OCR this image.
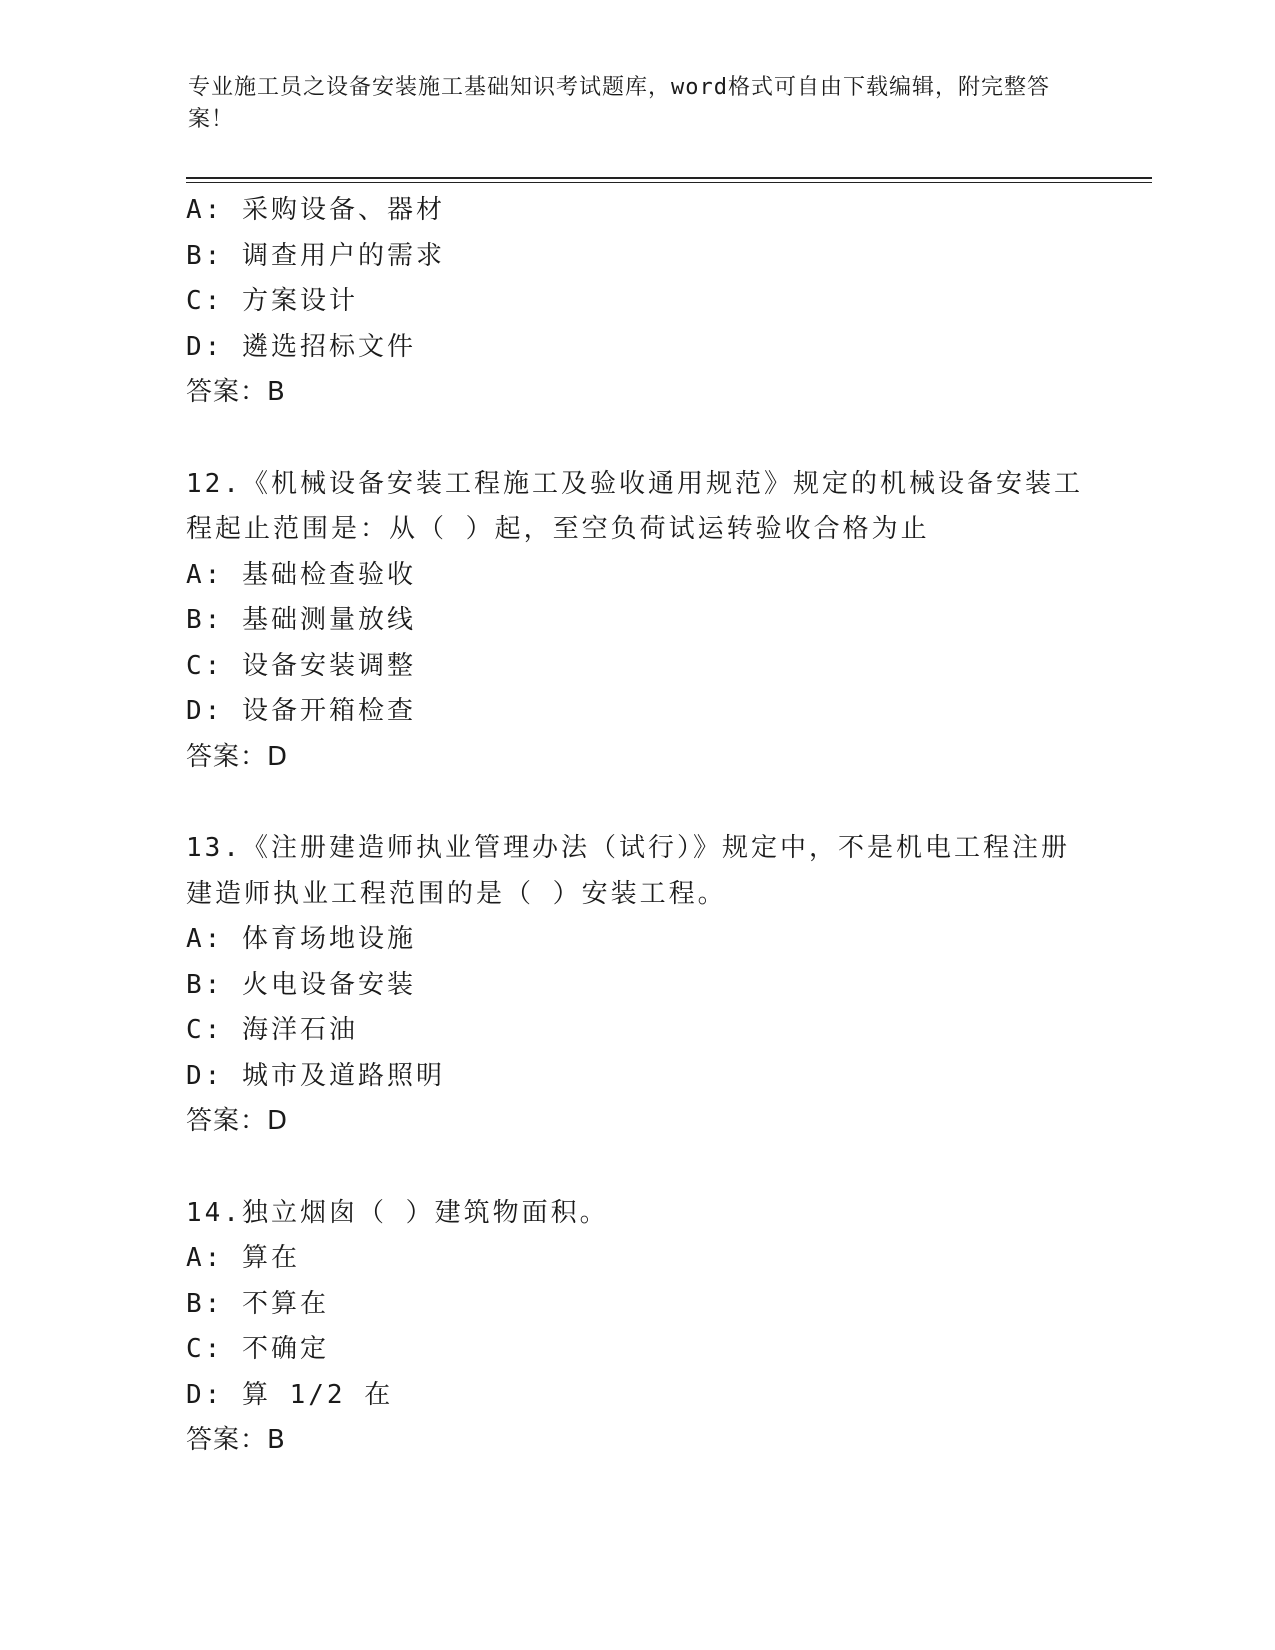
专业施工员之设备安装施工基础知识考试题库，word格式可自由下载编辑，附完整答案！
A: 采购设备、器材
B: 调查用户的需求
C: 方案设计
D: 遴选招标文件
答案：B
12.《机械设备安装工程施工及验收通用规范》规定的机械设备安装工程起止范围是：从（ ）起，至空负荷试运转验收合格为止
A: 基础检查验收
B: 基础测量放线
C: 设备安装调整
D: 设备开箱检查
答案：D
13.《注册建造师执业管理办法（试行）》规定中，不是机电工程注册建造师执业工程范围的是（ ）安装工程。
A: 体育场地设施
B: 火电设备安装
C: 海洋石油
D: 城市及道路照明
答案：D
14.独立烟囱（ ）建筑物面积。
A: 算在
B: 不算在
C: 不确定
D: 算 1/2 在
答案：B
